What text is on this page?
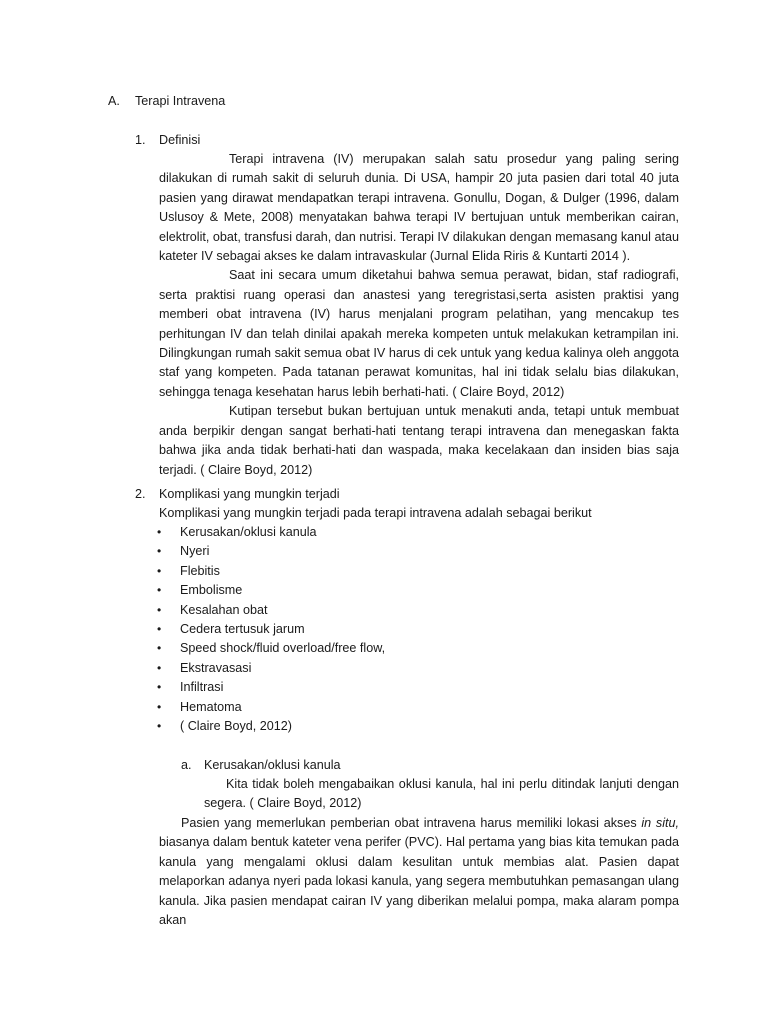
A. Terapi Intravena
1. Definisi

Terapi intravena (IV) merupakan salah satu prosedur yang paling sering dilakukan di rumah sakit di seluruh dunia. Di USA, hampir 20 juta pasien dari total 40 juta pasien yang dirawat mendapatkan terapi intravena. Gonullu, Dogan, & Dulger (1996, dalam Uslusoy & Mete, 2008) menyatakan bahwa terapi IV bertujuan untuk memberikan cairan, elektrolit, obat, transfusi darah, dan nutrisi. Terapi IV dilakukan dengan memasang kanul atau kateter IV sebagai akses ke dalam intravaskular (Jurnal Elida Riris & Kuntarti 2014 ).

Saat ini secara umum diketahui bahwa semua perawat, bidan, staf radiografi, serta praktisi ruang operasi dan anastesi yang teregristasi,serta asisten praktisi yang memberi obat intravena (IV) harus menjalani program pelatihan, yang mencakup tes perhitungan IV dan telah dinilai apakah mereka kompeten untuk melakukan ketrampilan ini. Dilingkungan rumah sakit semua obat IV harus di cek untuk yang kedua kalinya oleh anggota staf yang kompeten. Pada tatanan perawat komunitas, hal ini tidak selalu bias dilakukan, sehingga tenaga kesehatan harus lebih berhati-hati. ( Claire Boyd, 2012)

Kutipan tersebut bukan bertujuan untuk menakuti anda, tetapi untuk membuat anda berpikir dengan sangat berhati-hati tentang terapi intravena dan menegaskan fakta bahwa jika anda tidak berhati-hati dan waspada, maka kecelakaan dan insiden bias saja terjadi. ( Claire Boyd, 2012)

2. Komplikasi yang mungkin terjadi
Komplikasi yang mungkin terjadi pada terapi intravena adalah sebagai berikut
• Kerusakan/oklusi kanula
• Nyeri
• Flebitis
• Embolisme
• Kesalahan obat
• Cedera tertusuk jarum
• Speed shock/fluid overload/free flow,
• Ekstravasasi
• Infiltrasi
• Hematoma
• ( Claire Boyd, 2012)
a. Kerusakan/oklusi kanula

Kita tidak boleh mengabaikan oklusi kanula, hal ini perlu ditindak lanjuti dengan segera. ( Claire Boyd, 2012)

Pasien yang memerlukan pemberian obat intravena harus memiliki lokasi akses in situ, biasanya dalam bentuk kateter vena perifer (PVC). Hal pertama yang bias kita temukan pada kanula yang mengalami oklusi dalam kesulitan untuk membias alat. Pasien dapat melaporkan adanya nyeri pada lokasi kanula, yang segera membutuhkan pemasangan ulang kanula. Jika pasien mendapat cairan IV yang diberikan melalui pompa, maka alaram pompa akan
